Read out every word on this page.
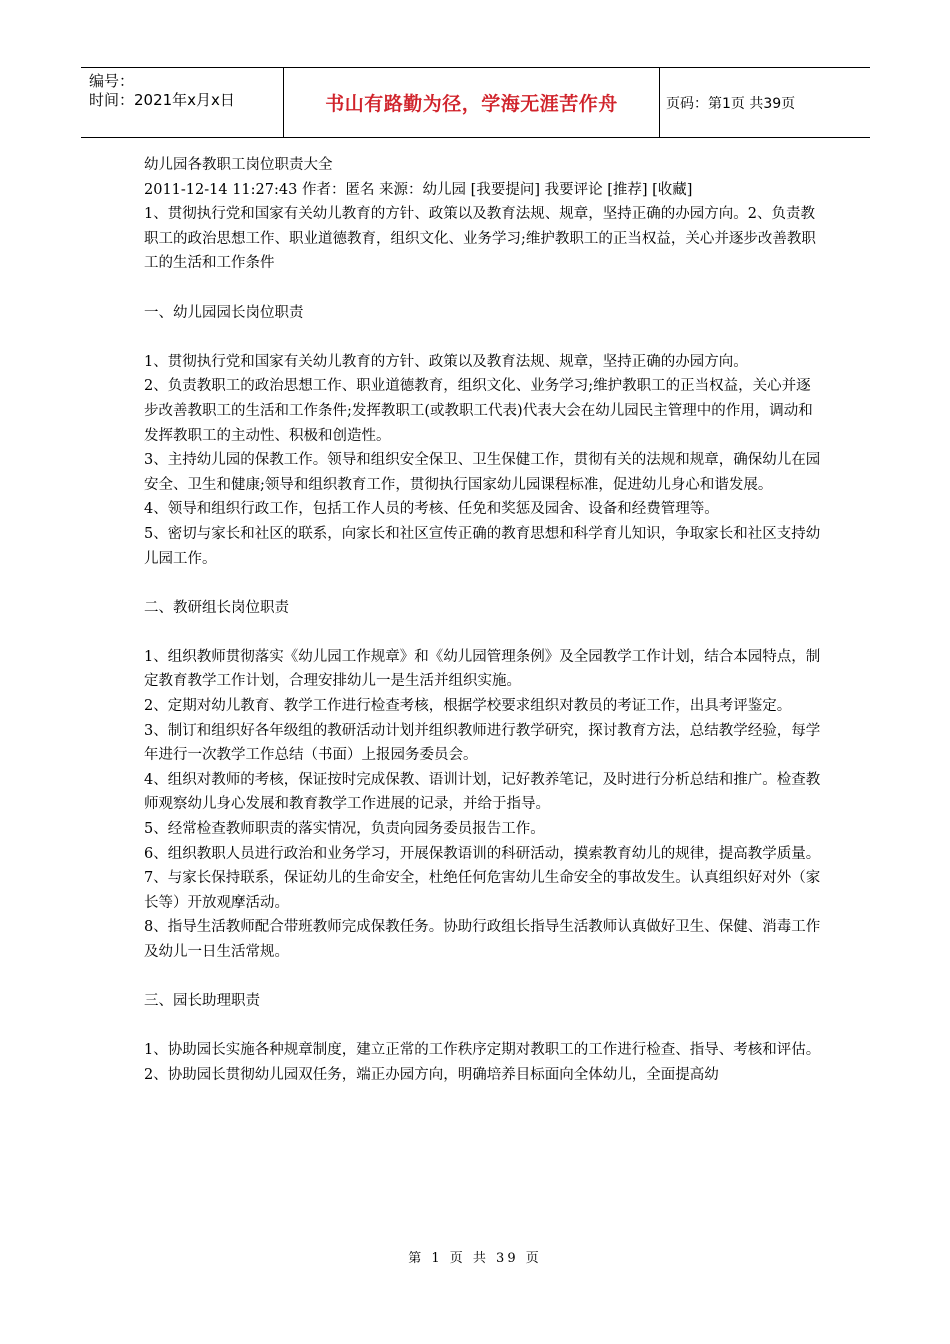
编号：
时间：2021年x月x日	书山有路勤为径，学海无涯苦作舟	页码：第1页 共39页

幼儿园各教职工岗位职责大全

2011-12-14 11:27:43 作者：匿名 来源：幼儿园 [我要提问] 我要评论 [推荐] [收藏]

1、贯彻执行党和国家有关幼儿教育的方针、政策以及教育法规、规章，坚持正确的办园方向。2、负责教职工的政治思想工作、职业道德教育，组织文化、业务学习;维护教职工的正当权益，关心并逐步改善教职工的生活和工作条件

一、幼儿园园长岗位职责

1、贯彻执行党和国家有关幼儿教育的方针、政策以及教育法规、规章，坚持正确的办园方向。

2、负责教职工的政治思想工作、职业道德教育，组织文化、业务学习;维护教职工的正当权益，关心并逐步改善教职工的生活和工作条件;发挥教职工(或教职工代表)代表大会在幼儿园民主管理中的作用，调动和发挥教职工的主动性、积极和创造性。

3、主持幼儿园的保教工作。领导和组织安全保卫、卫生保健工作，贯彻有关的法规和规章，确保幼儿在园安全、卫生和健康;领导和组织教育工作，贯彻执行国家幼儿园课程标准，促进幼儿身心和谐发展。

4、领导和组织行政工作，包括工作人员的考核、任免和奖惩及园舍、设备和经费管理等。

5、密切与家长和社区的联系，向家长和社区宣传正确的教育思想和科学育儿知识，争取家长和社区支持幼儿园工作。

二、教研组长岗位职责

1、组织教师贯彻落实《幼儿园工作规章》和《幼儿园管理条例》及全园教学工作计划，结合本园特点，制定教育教学工作计划，合理安排幼儿一是生活并组织实施。

2、定期对幼儿教育、教学工作进行检查考核，根据学校要求组织对教员的考证工作，出具考评鉴定。

3、制订和组织好各年级组的教研活动计划并组织教师进行教学研究，探讨教育方法，总结教学经验，每学年进行一次教学工作总结（书面）上报园务委员会。

4、组织对教师的考核，保证按时完成保教、语训计划，记好教养笔记，及时进行分析总结和推广。检查教师观察幼儿身心发展和教育教学工作进展的记录，并给于指导。

5、经常检查教师职责的落实情况，负责向园务委员报告工作。

6、组织教职人员进行政治和业务学习，开展保教语训的科研活动，摸索教育幼儿的规律，提高教学质量。

7、与家长保持联系，保证幼儿的生命安全，杜绝任何危害幼儿生命安全的事故发生。认真组织好对外（家长等）开放观摩活动。

8、指导生活教师配合带班教师完成保教任务。协助行政组长指导生活教师认真做好卫生、保健、消毒工作及幼儿一日生活常规。

三、园长助理职责

1、协助园长实施各种规章制度，建立正常的工作秩序定期对教职工的工作进行检查、指导、考核和评估。

2、协助园长贯彻幼儿园双任务，端正办园方向，明确培养目标面向全体幼儿，全面提高幼

第 1 页 共 39 页
